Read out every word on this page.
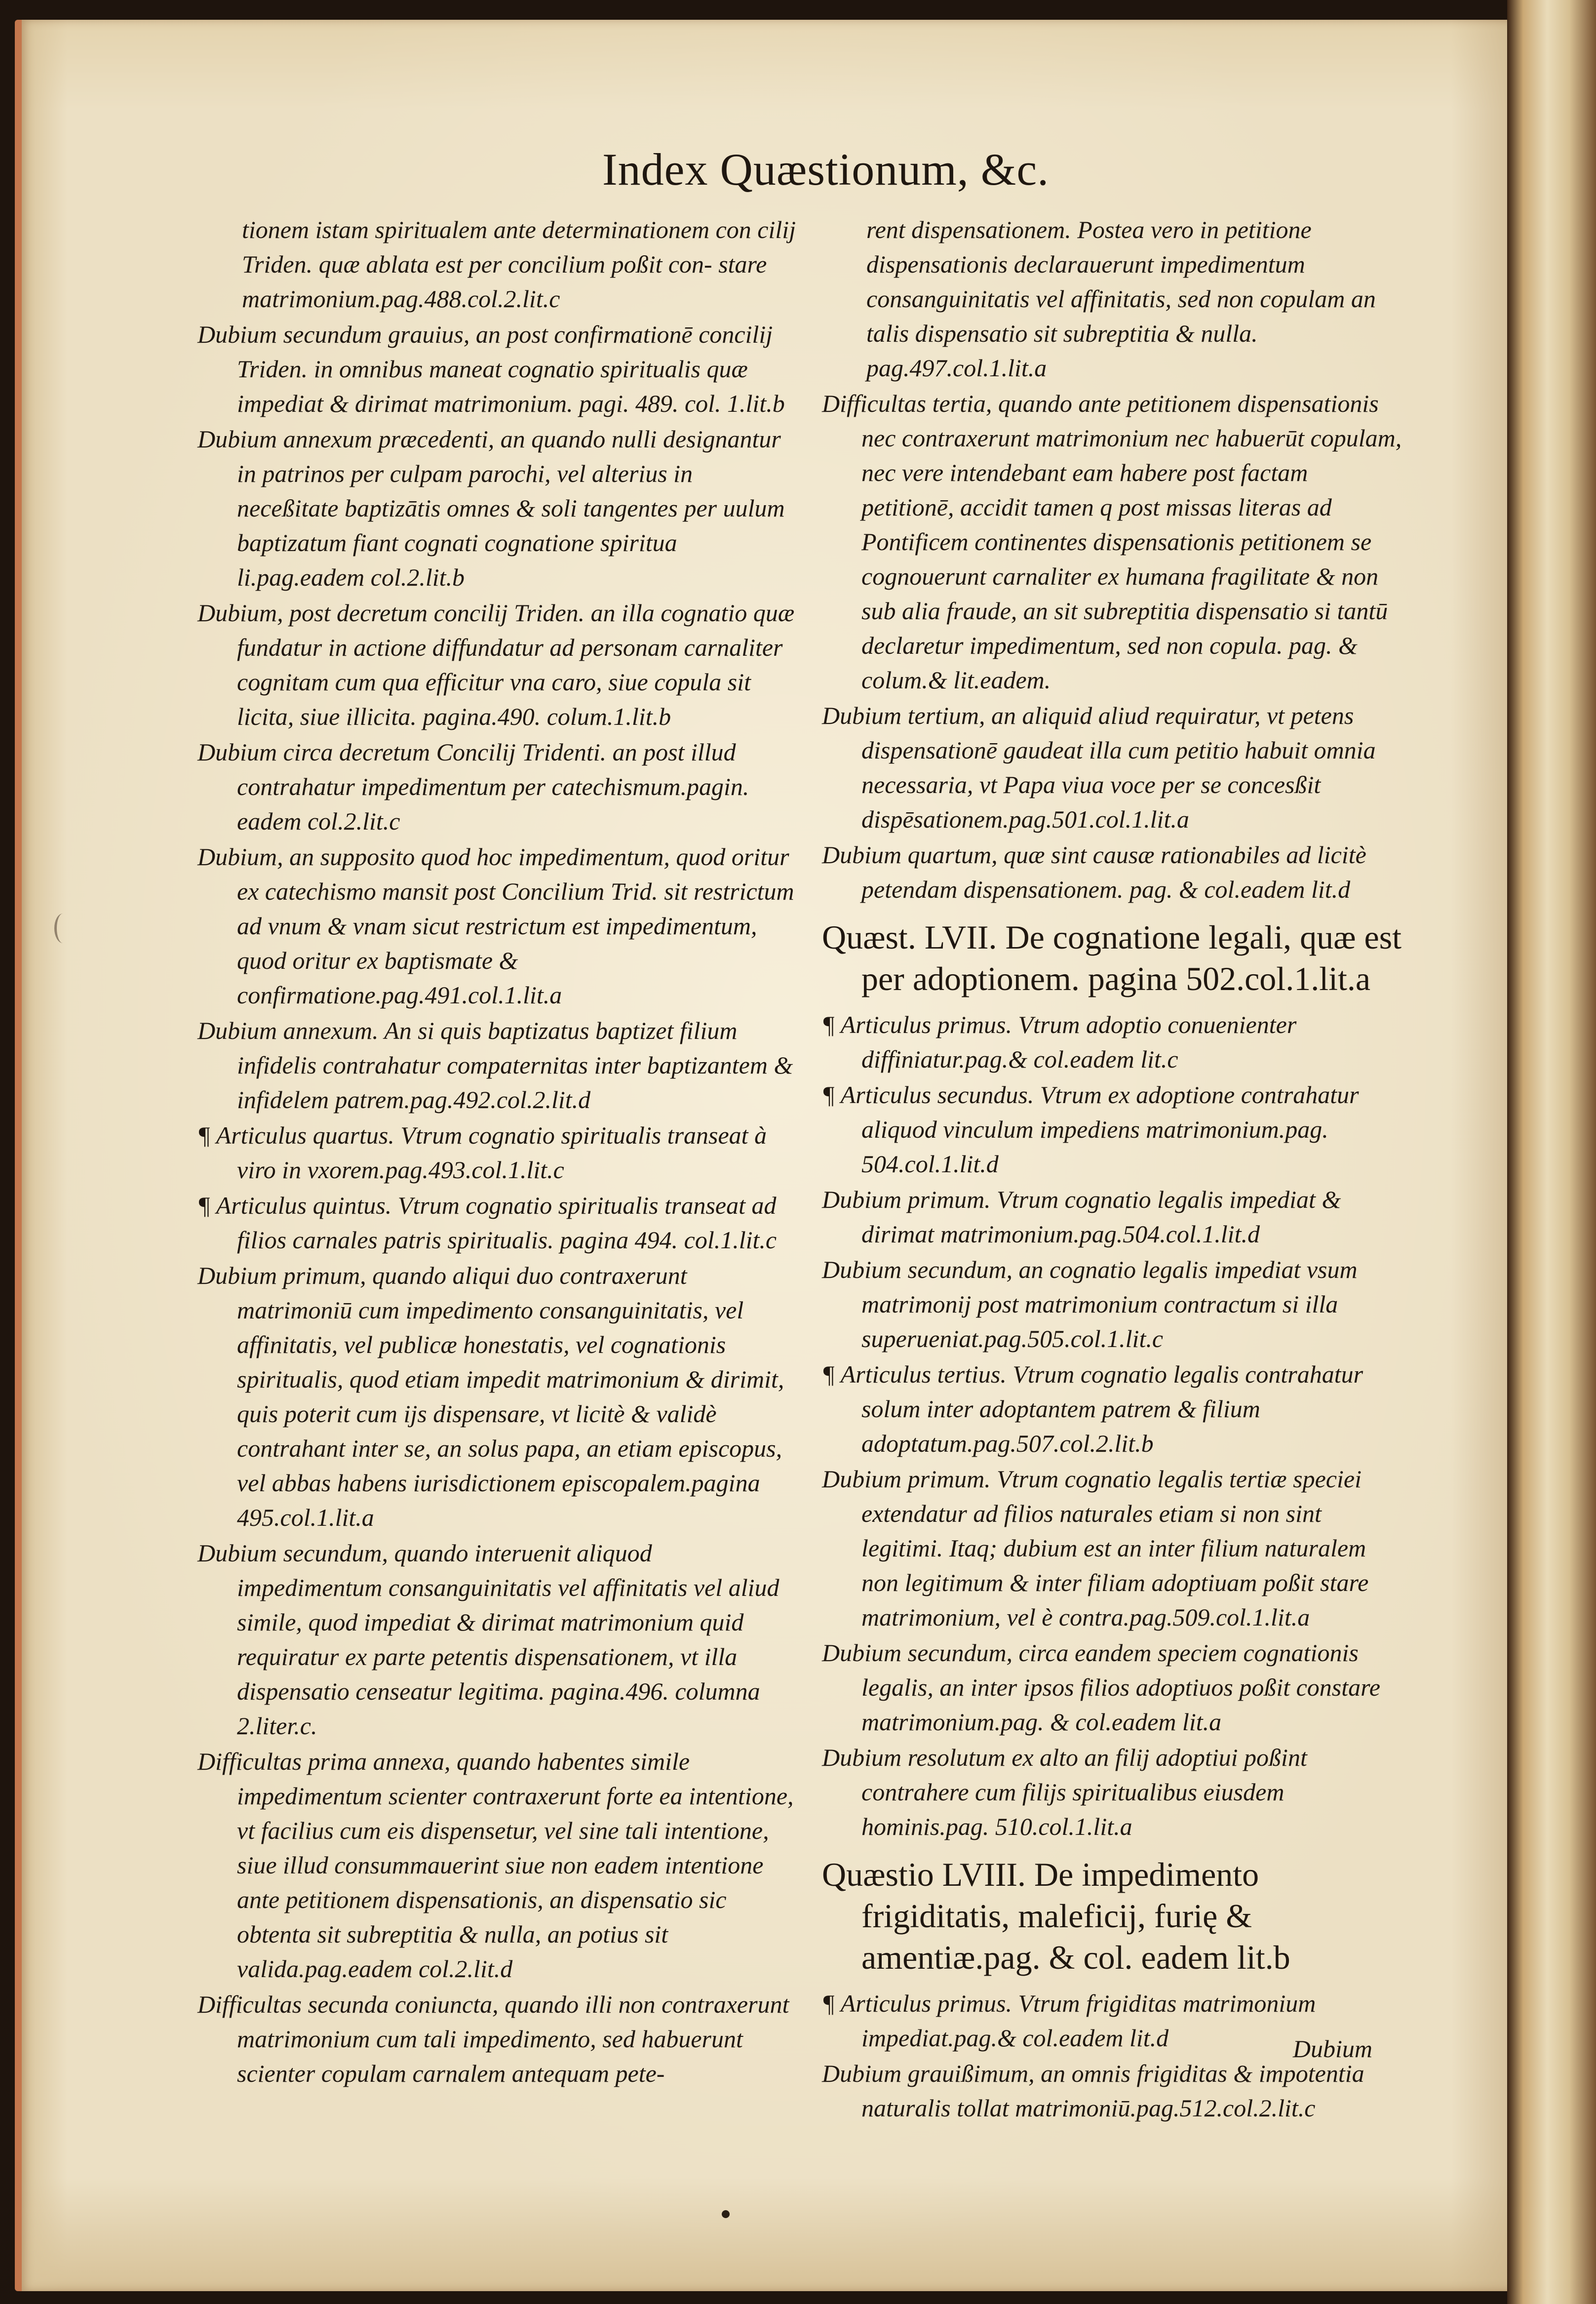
Index Quæstionum, &c.

tionem istam spiritualem ante determinationem con cilij Triden. quæ ablata est per concilium poßit con- stare matrimonium.pag.488.col.2.lit.c

Dubium secundum grauius, an post confirmationē concilij Triden. in omnibus maneat cognatio spiritualis quæ impediat & dirimat matrimonium. pagi. 489. col. 1.lit.b

Dubium annexum præcedenti, an quando nulli designantur in patrinos per culpam parochi, vel alterius in neceßitate baptizātis omnes & soli tangentes per uulum baptizatum fiant cognati cognatione spiritua li.pag.eadem col.2.lit.b

Dubium, post decretum concilij Triden. an illa cognatio quæ fundatur in actione diffundatur ad personam carnaliter cognitam cum qua efficitur vna caro, siue copula sit licita, siue illicita. pagina.490. colum.1.lit.b

Dubium circa decretum Concilij Tridenti. an post illud contrahatur impedimentum per catechismum.pagin. eadem col.2.lit.c

Dubium, an supposito quod hoc impedimentum, quod oritur ex catechismo mansit post Concilium Trid. sit restrictum ad vnum & vnam sicut restrictum est impedimentum, quod oritur ex baptismate & confirmatione.pag.491.col.1.lit.a

Dubium annexum. An si quis baptizatus baptizet filium infidelis contrahatur compaternitas inter baptizantem & infidelem patrem.pag.492.col.2.lit.d

¶ Articulus quartus. Vtrum cognatio spiritualis transeat à viro in vxorem.pag.493.col.1.lit.c

¶ Articulus quintus. Vtrum cognatio spiritualis transeat ad filios carnales patris spiritualis. pagina 494. col.1.lit.c

Dubium primum, quando aliqui duo contraxerunt matrimoniū cum impedimento consanguinitatis, vel affinitatis, vel publicæ honestatis, vel cognationis spiritualis, quod etiam impedit matrimonium & dirimit, quis poterit cum ijs dispensare, vt licitè & validè contrahant inter se, an solus papa, an etiam episcopus, vel abbas habens iurisdictionem episcopalem.pagina 495.col.1.lit.a

Dubium secundum, quando interuenit aliquod impedimentum consanguinitatis vel affinitatis vel aliud simile, quod impediat & dirimat matrimonium quid requiratur ex parte petentis dispensationem, vt illa dispensatio censeatur legitima. pagina.496. columna 2.liter.c.

Difficultas prima annexa, quando habentes simile impedimentum scienter contraxerunt forte ea intentione, vt facilius cum eis dispensetur, vel sine tali intentione, siue illud consummauerint siue non eadem intentione ante petitionem dispensationis, an dispensatio sic obtenta sit subreptitia & nulla, an potius sit valida.pag.eadem col.2.lit.d

Difficultas secunda coniuncta, quando illi non contraxerunt matrimonium cum tali impedimento, sed habuerunt scienter copulam carnalem antequam pete-

rent dispensationem. Postea vero in petitione dispensationis declarauerunt impedimentum consanguinitatis vel affinitatis, sed non copulam an talis dispensatio sit subreptitia & nulla. pag.497.col.1.lit.a

Difficultas tertia, quando ante petitionem dispensationis nec contraxerunt matrimonium nec habuerūt copulam, nec vere intendebant eam habere post factam petitionē, accidit tamen q post missas literas ad Pontificem continentes dispensationis petitionem se cognouerunt carnaliter ex humana fragilitate & non sub alia fraude, an sit subreptitia dispensatio si tantū declaretur impedimentum, sed non copula. pag. & colum.& lit.eadem.

Dubium tertium, an aliquid aliud requiratur, vt petens dispensationē gaudeat illa cum petitio habuit omnia necessaria, vt Papa viua voce per se concesßit dispēsationem.pag.501.col.1.lit.a

Dubium quartum, quæ sint causæ rationabiles ad licitè petendam dispensationem. pag. & col.eadem lit.d

Quæst. LVII. De cognatione legali, quæ est per adoptionem. pagina 502.col.1.lit.a

¶ Articulus primus. Vtrum adoptio conuenienter diffiniatur.pag.& col.eadem lit.c

¶ Articulus secundus. Vtrum ex adoptione contrahatur aliquod vinculum impediens matrimonium.pag. 504.col.1.lit.d

Dubium primum. Vtrum cognatio legalis impediat & dirimat matrimonium.pag.504.col.1.lit.d

Dubium secundum, an cognatio legalis impediat vsum matrimonij post matrimonium contractum si illa superueniat.pag.505.col.1.lit.c

¶ Articulus tertius. Vtrum cognatio legalis contrahatur solum inter adoptantem patrem & filium adoptatum.pag.507.col.2.lit.b

Dubium primum. Vtrum cognatio legalis tertiæ speciei extendatur ad filios naturales etiam si non sint legitimi. Itaq; dubium est an inter filium naturalem non legitimum & inter filiam adoptiuam poßit stare matrimonium, vel è contra.pag.509.col.1.lit.a

Dubium secundum, circa eandem speciem cognationis legalis, an inter ipsos filios adoptiuos poßit constare matrimonium.pag. & col.eadem lit.a

Dubium resolutum ex alto an filij adoptiui poßint contrahere cum filijs spiritualibus eiusdem hominis.pag. 510.col.1.lit.a

Quæstio LVIII. De impedimento frigiditatis, maleficij, furię & amentiæ.pag. & col. eadem lit.b

¶ Articulus primus. Vtrum frigiditas matrimonium impediat.pag.& col.eadem lit.d

Dubium grauißimum, an omnis frigiditas & impotentia naturalis tollat matrimoniū.pag.512.col.2.lit.c

Dubium
